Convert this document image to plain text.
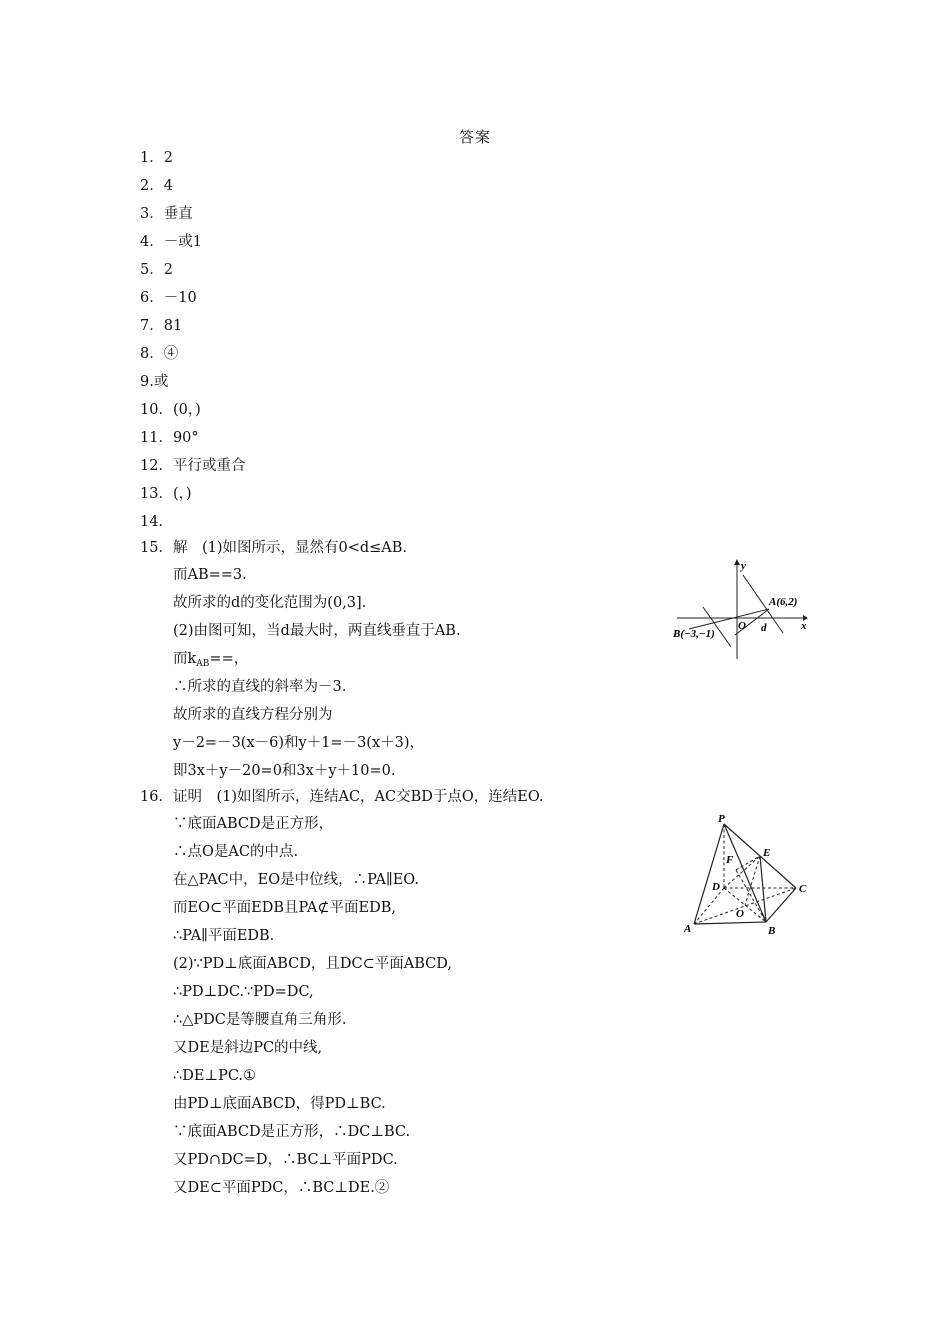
答案
1．2
2．4
3．垂直
4．－或1
5．2
6．－10
7．81
8．④
9.或
10．(0，)
11．90°
12．平行或重合
13．(，)
14．
15．解　(1)如图所示，显然有0<d≤AB.
而AB==3.
故所求的d的变化范围为(0,3].
(2)由图可知，当d最大时，两直线垂直于AB.
而$k_{AB}==$，
∴所求的直线的斜率为－3.
故所求的直线方程分别为
y－2=－3(x－6)和y＋1=－3(x＋3)，
即3x＋y－20=0和3x＋y＋10=0.
y
x
A(6,2)
B(−3,−1)
O d
16．证明　(1)如图所示，连结AC，AC交BD于点O，连结EO.
∵底面ABCD是正方形，
∴点O是AC的中点.
在△PAC中，EO是中位线，∴PA∥EO.
而EO⊂平面EDB且PA⊄平面EDB,
∴PA∥平面EDB.
(2)∵PD⊥底面ABCD，且DC⊂平面ABCD,
∴PD⊥DC.∵PD=DC,
∴△PDC是等腰直角三角形.
又DE是斜边PC的中线,
∴DE⊥PC.①
由PD⊥底面ABCD，得PD⊥BC.
∵底面ABCD是正方形，∴DC⊥BC.
又PD∩DC=D，∴BC⊥平面PDC.
又DE⊂平面PDC，∴BC⊥DE.②
P
F
E
D	C
O
A	B
